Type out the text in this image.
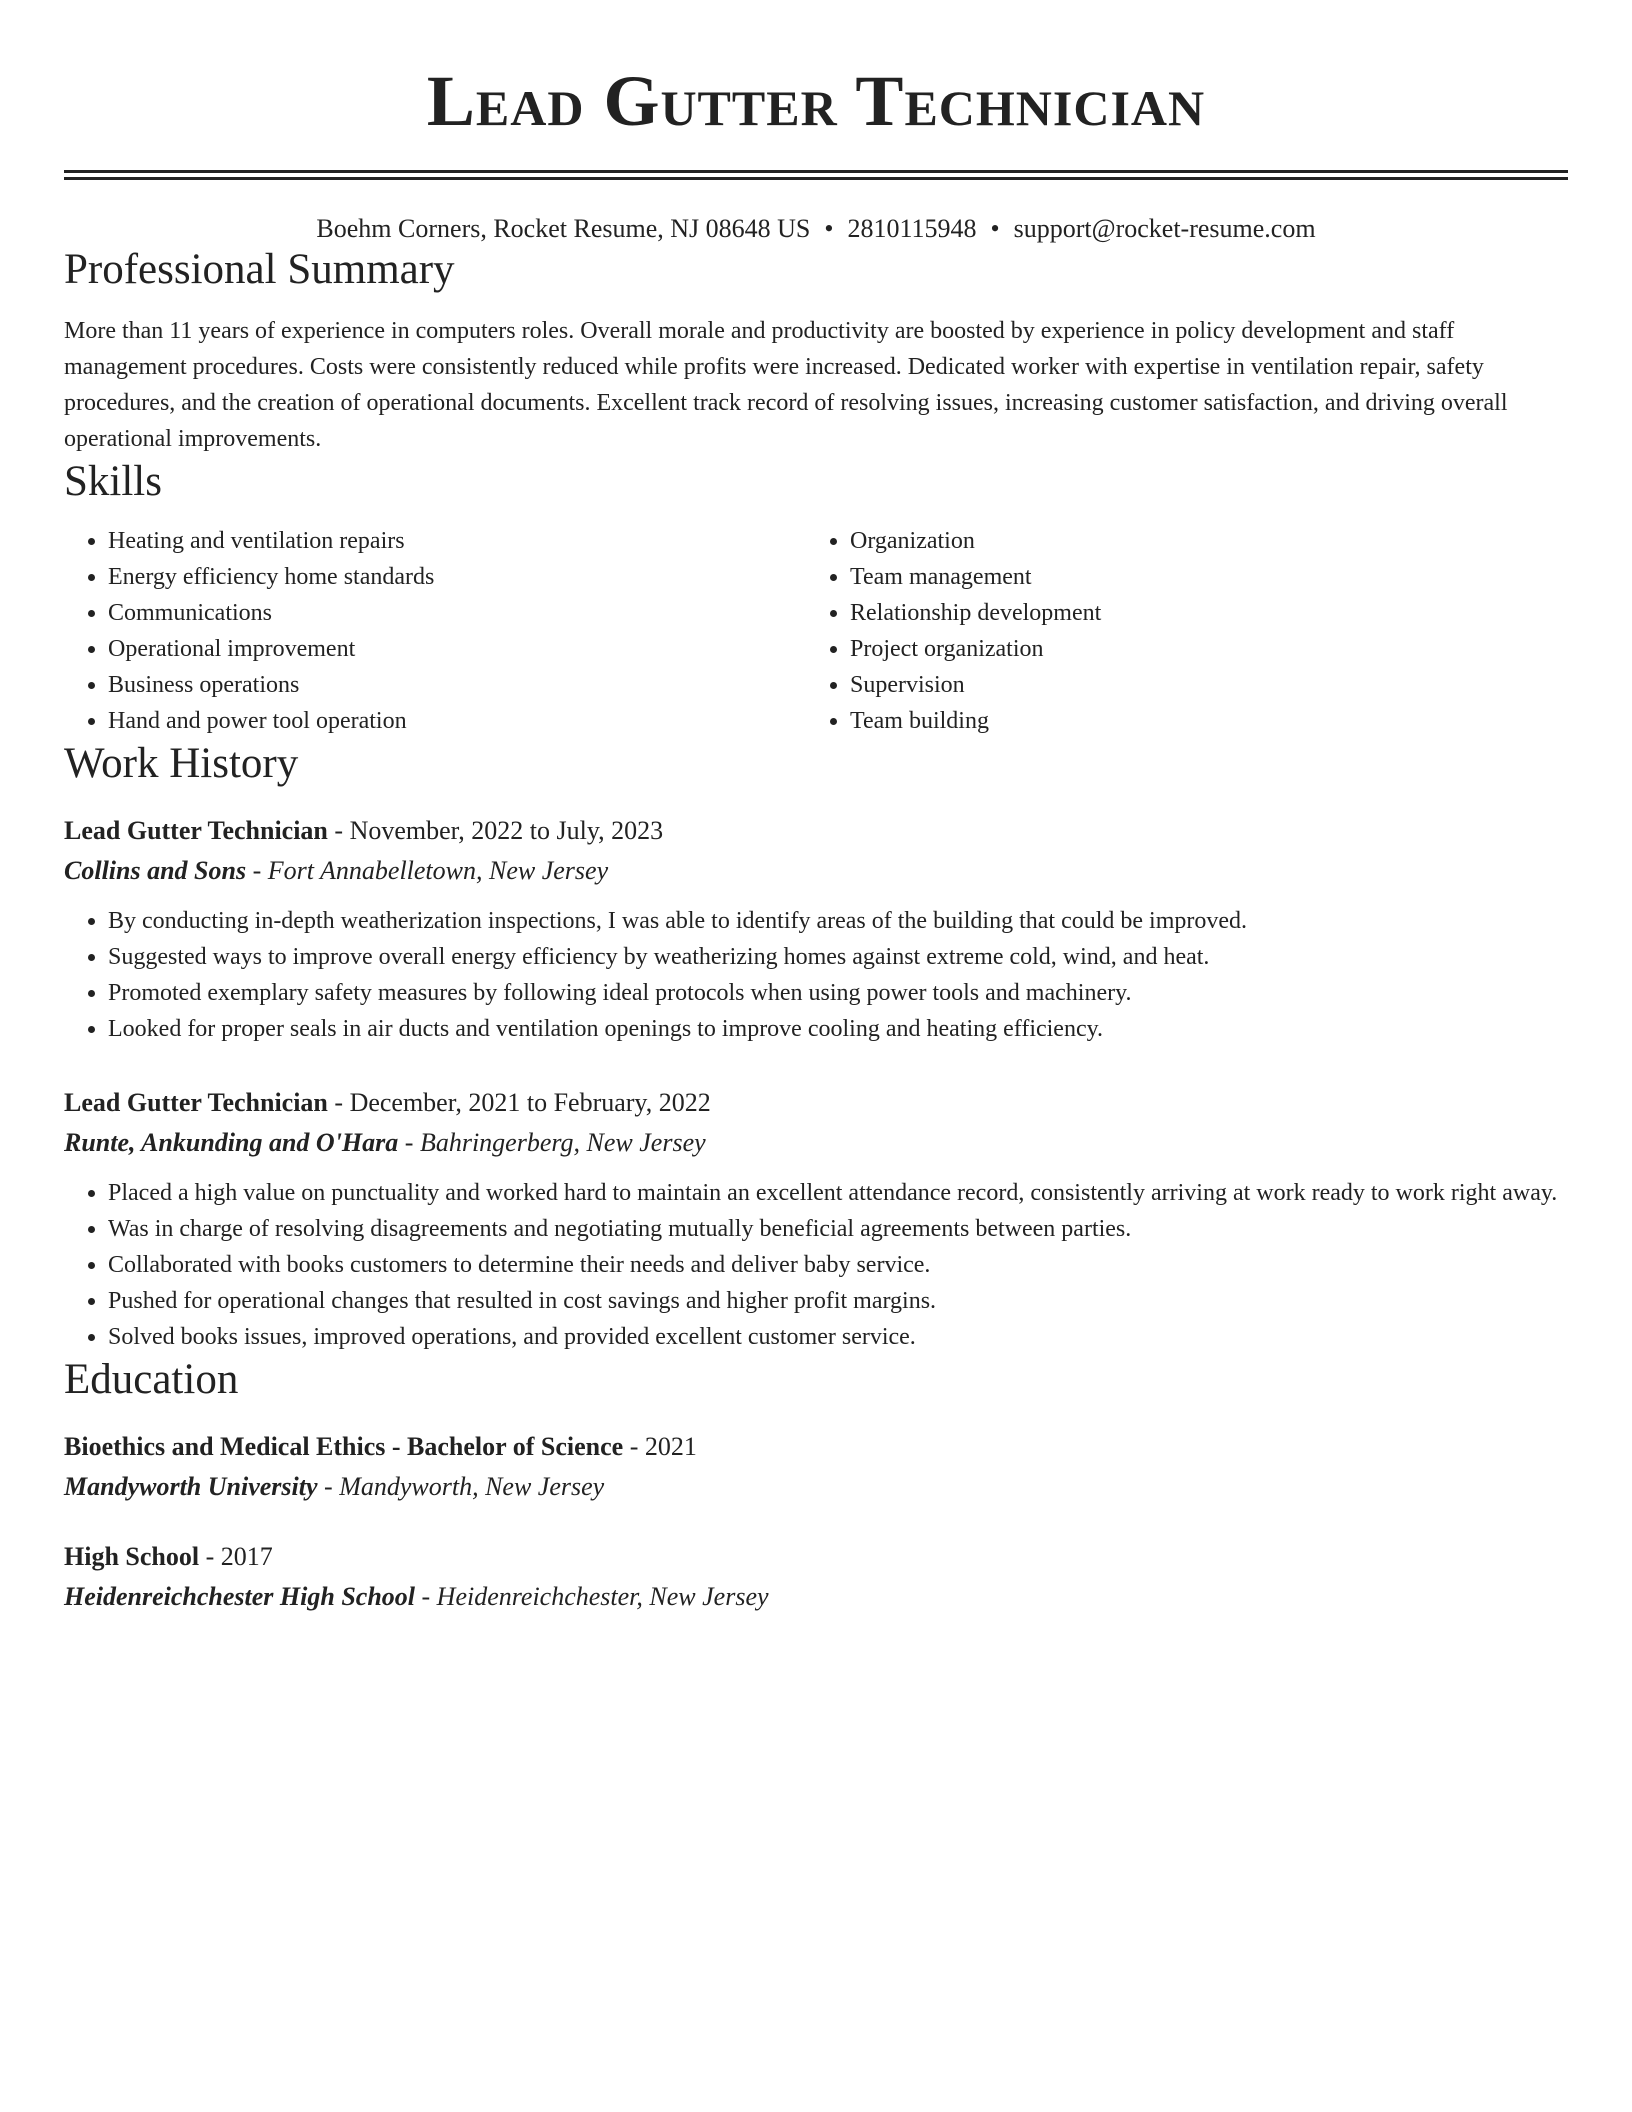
Lead Gutter Technician
Boehm Corners, Rocket Resume, NJ 08648 US • 2810115948 • support@rocket-resume.com
Professional Summary

More than 11 years of experience in computers roles. Overall morale and productivity are boosted by experience in policy development and staff management procedures. Costs were consistently reduced while profits were increased. Dedicated worker with expertise in ventilation repair, safety procedures, and the creation of operational documents. Excellent track record of resolving issues, increasing customer satisfaction, and driving overall operational improvements.

Skills
• Heating and ventilation repairs
• Energy efficiency home standards
• Communications
• Operational improvement
• Business operations
• Hand and power tool operation
• Organization
• Team management
• Relationship development
• Project organization
• Supervision
• Team building
Work History
Lead Gutter Technician - November, 2022 to July, 2023
Collins and Sons - Fort Annabelletown, New Jersey
• By conducting in-depth weatherization inspections, I was able to identify areas of the building that could be improved.
• Suggested ways to improve overall energy efficiency by weatherizing homes against extreme cold, wind, and heat.
• Promoted exemplary safety measures by following ideal protocols when using power tools and machinery.
• Looked for proper seals in air ducts and ventilation openings to improve cooling and heating efficiency.
Lead Gutter Technician - December, 2021 to February, 2022
Runte, Ankunding and O'Hara - Bahringerberg, New Jersey
• Placed a high value on punctuality and worked hard to maintain an excellent attendance record, consistently arriving at work ready to work right away.
• Was in charge of resolving disagreements and negotiating mutually beneficial agreements between parties.
• Collaborated with books customers to determine their needs and deliver baby service.
• Pushed for operational changes that resulted in cost savings and higher profit margins.
• Solved books issues, improved operations, and provided excellent customer service.
Education
Bioethics and Medical Ethics - Bachelor of Science - 2021
Mandyworth University - Mandyworth, New Jersey
High School - 2017
Heidenreichchester High School - Heidenreichchester, New Jersey
